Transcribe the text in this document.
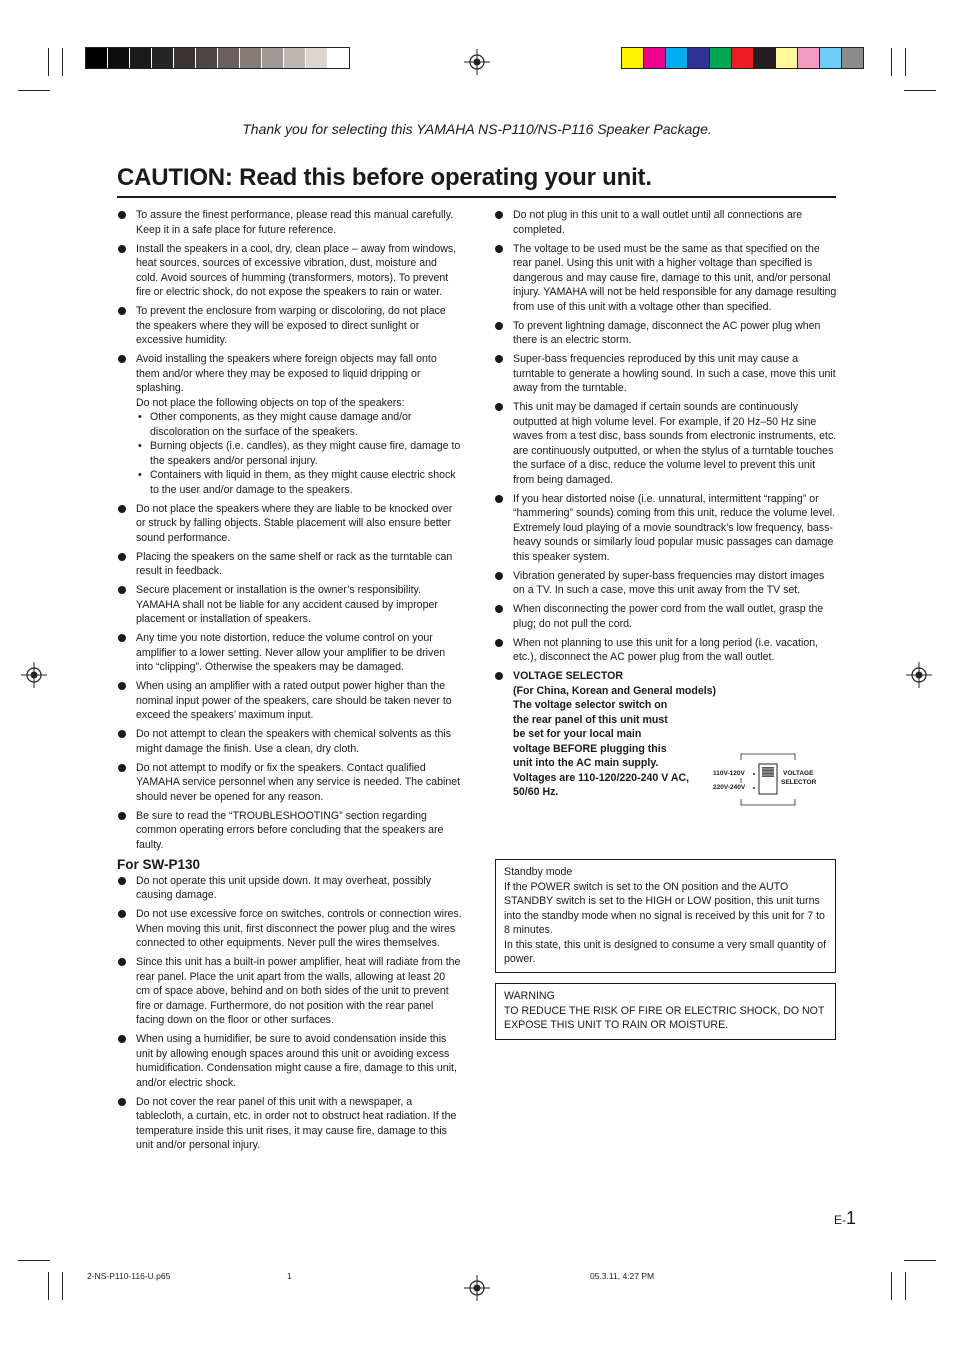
Thank you for selecting this YAMAHA NS-P110/NS-P116 Speaker Package.
CAUTION: Read this before operating your unit.
To assure the finest performance, please read this manual carefully. Keep it in a safe place for future reference.
Install the speakers in a cool, dry, clean place – away from windows, heat sources, sources of excessive vibration, dust, moisture and cold. Avoid sources of humming (transformers, motors). To prevent fire or electric shock, do not expose the speakers to rain or water.
To prevent the enclosure from warping or discoloring, do not place the speakers where they will be exposed to direct sunlight or excessive humidity.
Avoid installing the speakers where foreign objects may fall onto them and/or where they may be exposed to liquid dripping or splashing.
Do not place the following objects on top of the speakers:
• Other components, as they might cause damage and/or discoloration on the surface of the speakers.
• Burning objects (i.e. candles), as they might cause fire, damage to the speakers and/or personal injury.
• Containers with liquid in them, as they might cause electric shock to the user and/or damage to the speakers.
Do not place the speakers where they are liable to be knocked over or struck by falling objects. Stable placement will also ensure better sound performance.
Placing the speakers on the same shelf or rack as the turntable can result in feedback.
Secure placement or installation is the owner’s responsibility. YAMAHA shall not be liable for any accident caused by improper placement or installation of speakers.
Any time you note distortion, reduce the volume control on your amplifier to a lower setting. Never allow your amplifier to be driven into “clipping”. Otherwise the speakers may be damaged.
When using an amplifier with a rated output power higher than the nominal input power of the speakers, care should be taken never to exceed the speakers’ maximum input.
Do not attempt to clean the speakers with chemical solvents as this might damage the finish. Use a clean, dry cloth.
Do not attempt to modify or fix the speakers. Contact qualified YAMAHA service personnel when any service is needed. The cabinet should never be opened for any reason.
Be sure to read the “TROUBLESHOOTING” section regarding common operating errors before concluding that the speakers are faulty.
For SW-P130
Do not operate this unit upside down. It may overheat, possibly causing damage.
Do not use excessive force on switches, controls or connection wires. When moving this unit, first disconnect the power plug and the wires connected to other equipments. Never pull the wires themselves.
Since this unit has a built-in power amplifier, heat will radiate from the rear panel. Place the unit apart from the walls, allowing at least 20 cm of space above, behind and on both sides of the unit to prevent fire or damage. Furthermore, do not position with the rear panel facing down on the floor or other surfaces.
When using a humidifier, be sure to avoid condensation inside this unit by allowing enough spaces around this unit or avoiding excess humidification. Condensation might cause a fire, damage to this unit, and/or electric shock.
Do not cover the rear panel of this unit with a newspaper, a tablecloth, a curtain, etc. in order not to obstruct heat radiation. If the temperature inside this unit rises, it may cause fire, damage to this unit and/or personal injury.
Do not plug in this unit to a wall outlet until all connections are completed.
The voltage to be used must be the same as that specified on the rear panel. Using this unit with a higher voltage than specified is dangerous and may cause fire, damage to this unit, and/or personal injury. YAMAHA will not be held responsible for any damage resulting from use of this unit with a voltage other than specified.
To prevent lightning damage, disconnect the AC power plug when there is an electric storm.
Super-bass frequencies reproduced by this unit may cause a turntable to generate a howling sound. In such a case, move this unit away from the turntable.
This unit may be damaged if certain sounds are continuously outputted at high volume level. For example, if 20 Hz–50 Hz sine waves from a test disc, bass sounds from electronic instruments, etc. are continuously outputted, or when the stylus of a turntable touches the surface of a disc, reduce the volume level to prevent this unit from being damaged.
If you hear distorted noise (i.e. unnatural, intermittent “rapping” or “hammering” sounds) coming from this unit, reduce the volume level. Extremely loud playing of a movie soundtrack’s low frequency, bass-heavy sounds or similarly loud popular music passages can damage this speaker system.
Vibration generated by super-bass frequencies may distort images on a TV. In such a case, move this unit away from the TV set.
When disconnecting the power cord from the wall outlet, grasp the plug; do not pull the cord.
When not planning to use this unit for a long period (i.e. vacation, etc.), disconnect the AC power plug from the wall outlet.
VOLTAGE SELECTOR
(For China, Korean and General models)
The voltage selector switch on
the rear panel of this unit must
be set for your local main
voltage BEFORE plugging this
unit into the AC main supply.
Voltages are 110-120/220-240 V AC,
50/60 Hz.
110V-120V
220V-240V
VOLTAGE
SELECTOR
Standby mode
If the POWER switch is set to the ON position and the AUTO STANDBY switch is set to the HIGH or LOW position, this unit turns into the standby mode when no signal is received by this unit for 7 to 8 minutes.
In this state, this unit is designed to consume a very small quantity of power.
WARNING
TO REDUCE THE RISK OF FIRE OR ELECTRIC SHOCK, DO NOT EXPOSE THIS UNIT TO RAIN OR MOISTURE.
E-1
2-NS-P110-116-U.p65	1	05.3.11, 4:27 PM
